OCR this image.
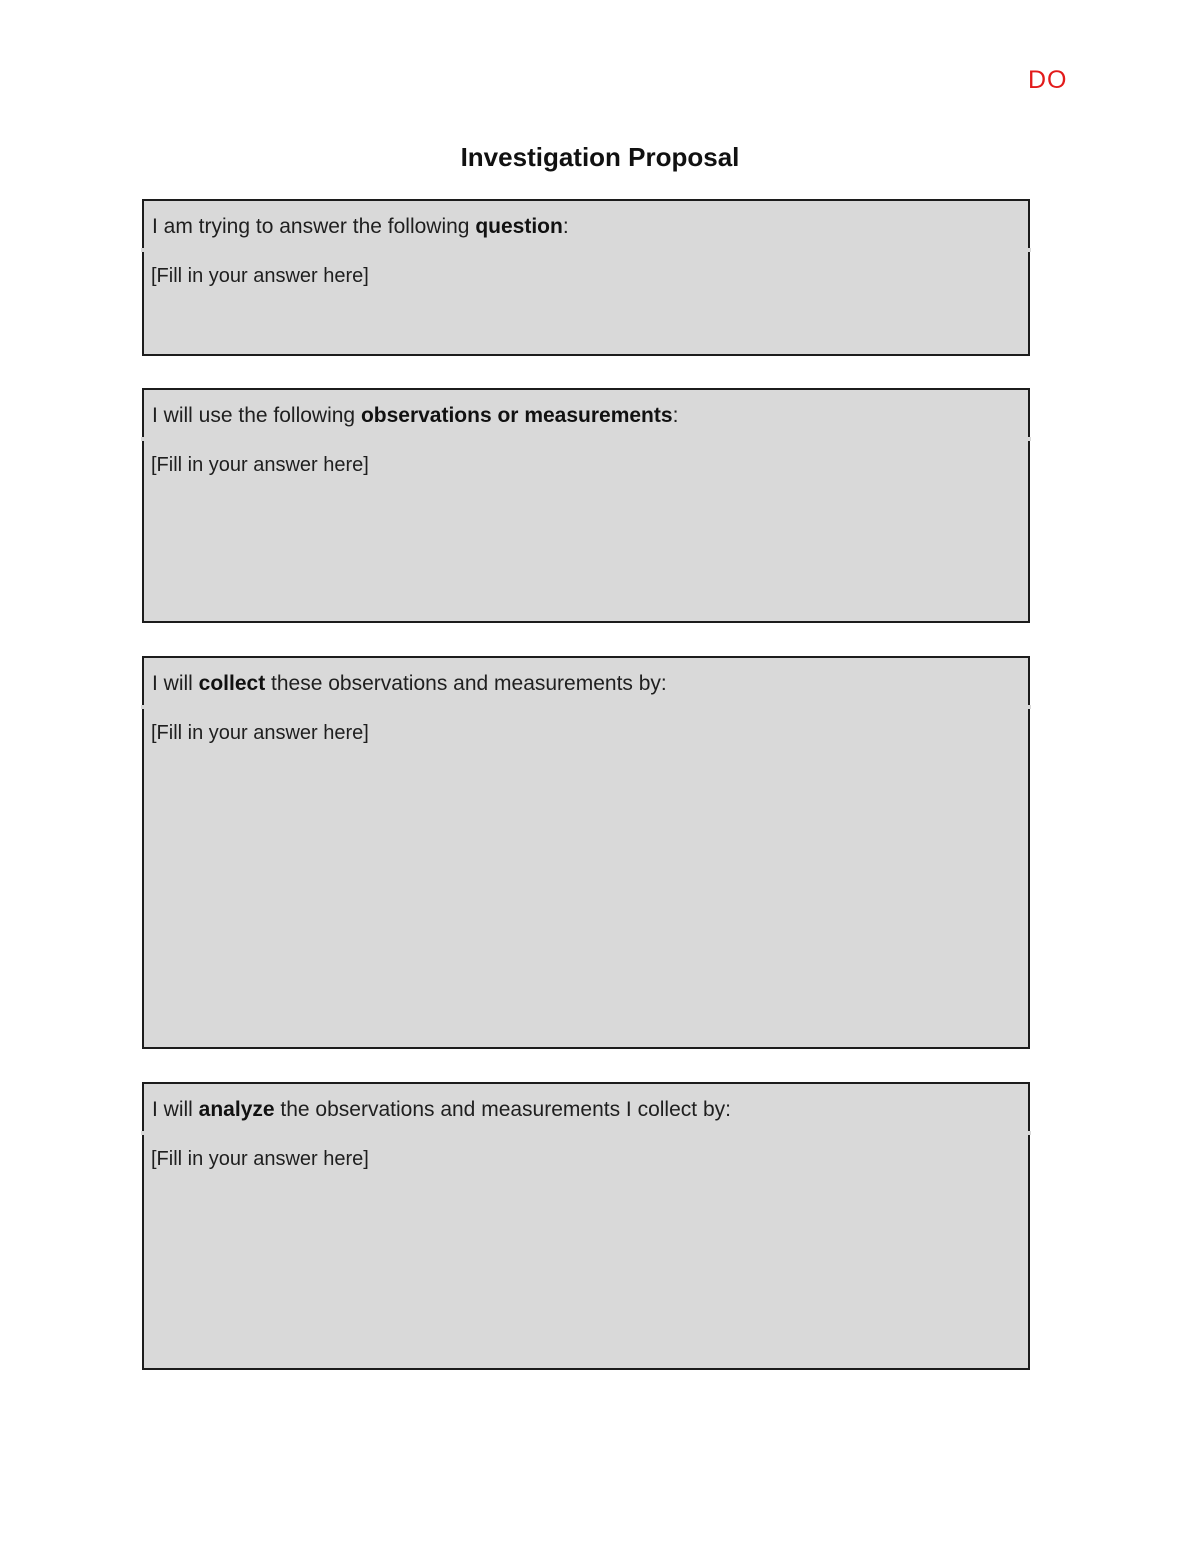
DO
Investigation Proposal
I am trying to answer the following question:
[Fill in your answer here]
I will use the following observations or measurements:
[Fill in your answer here]
I will collect these observations and measurements by:
[Fill in your answer here]
I will analyze the observations and measurements I collect by:
[Fill in your answer here]
